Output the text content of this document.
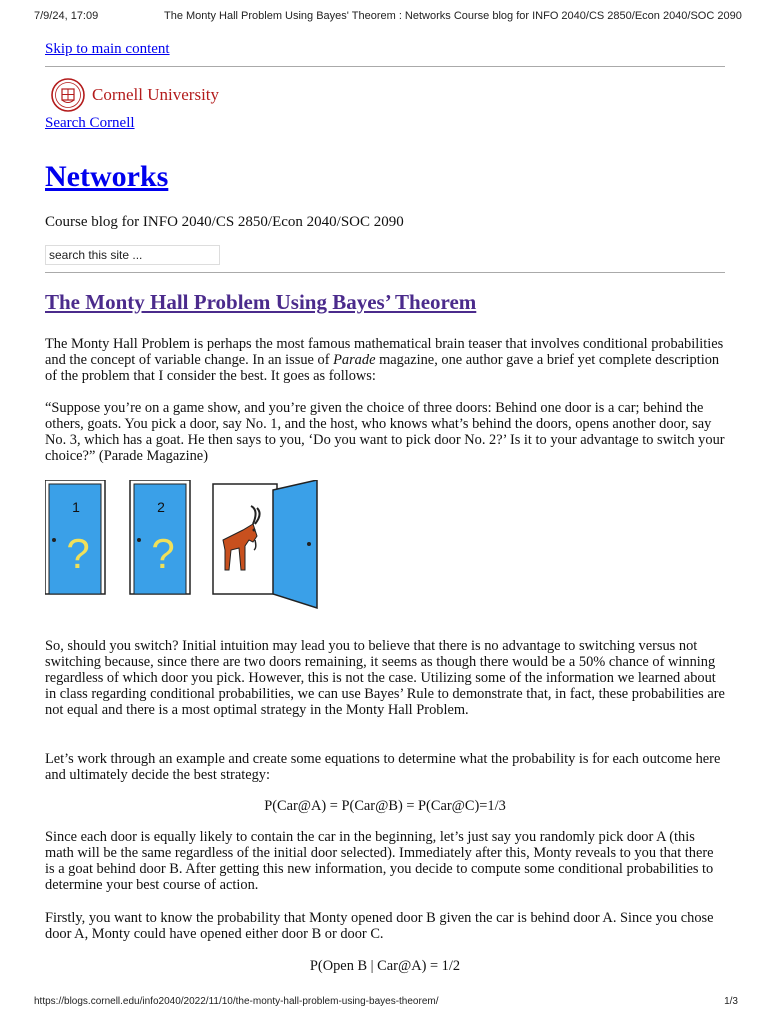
7/9/24, 17:09	The Monty Hall Problem Using Bayes' Theorem : Networks Course blog for INFO 2040/CS 2850/Econ 2040/SOC 2090
Skip to main content
Cornell University
Search Cornell
Networks
Course blog for INFO 2040/CS 2850/Econ 2040/SOC 2090
search this site ...
The Monty Hall Problem Using Bayes’ Theorem
The Monty Hall Problem is perhaps the most famous mathematical brain teaser that involves conditional probabilities and the concept of variable change. In an issue of Parade magazine, one author gave a brief yet complete description of the problem that I consider the best. It goes as follows:
“Suppose you’re on a game show, and you’re given the choice of three doors: Behind one door is a car; behind the others, goats. You pick a door, say No. 1, and the host, who knows what’s behind the doors, opens another door, say No. 3, which has a goat. He then says to you, ‘Do you want to pick door No. 2?’ Is it to your advantage to switch your choice?” (Parade Magazine)
1
?
2
?
So, should you switch? Initial intuition may lead you to believe that there is no advantage to switching versus not switching because, since there are two doors remaining, it seems as though there would be a 50% chance of winning regardless of which door you pick. However, this is not the case. Utilizing some of the information we learned about in class regarding conditional probabilities, we can use Bayes’ Rule to demonstrate that, in fact, these probabilities are not equal and there is a most optimal strategy in the Monty Hall Problem.
Let’s work through an example and create some equations to determine what the probability is for each outcome here and ultimately decide the best strategy:
P(Car@A) = P(Car@B) = P(Car@C)=1/3
Since each door is equally likely to contain the car in the beginning, let’s just say you randomly pick door A (this math will be the same regardless of the initial door selected). Immediately after this, Monty reveals to you that there is a goat behind door B. After getting this new information, you decide to compute some conditional probabilities to determine your best course of action.
Firstly, you want to know the probability that Monty opened door B given the car is behind door A. Since you chose door A, Monty could have opened either door B or door C.
P(Open B | Car@A) = 1/2
https://blogs.cornell.edu/info2040/2022/11/10/the-monty-hall-problem-using-bayes-theorem/	1/3
